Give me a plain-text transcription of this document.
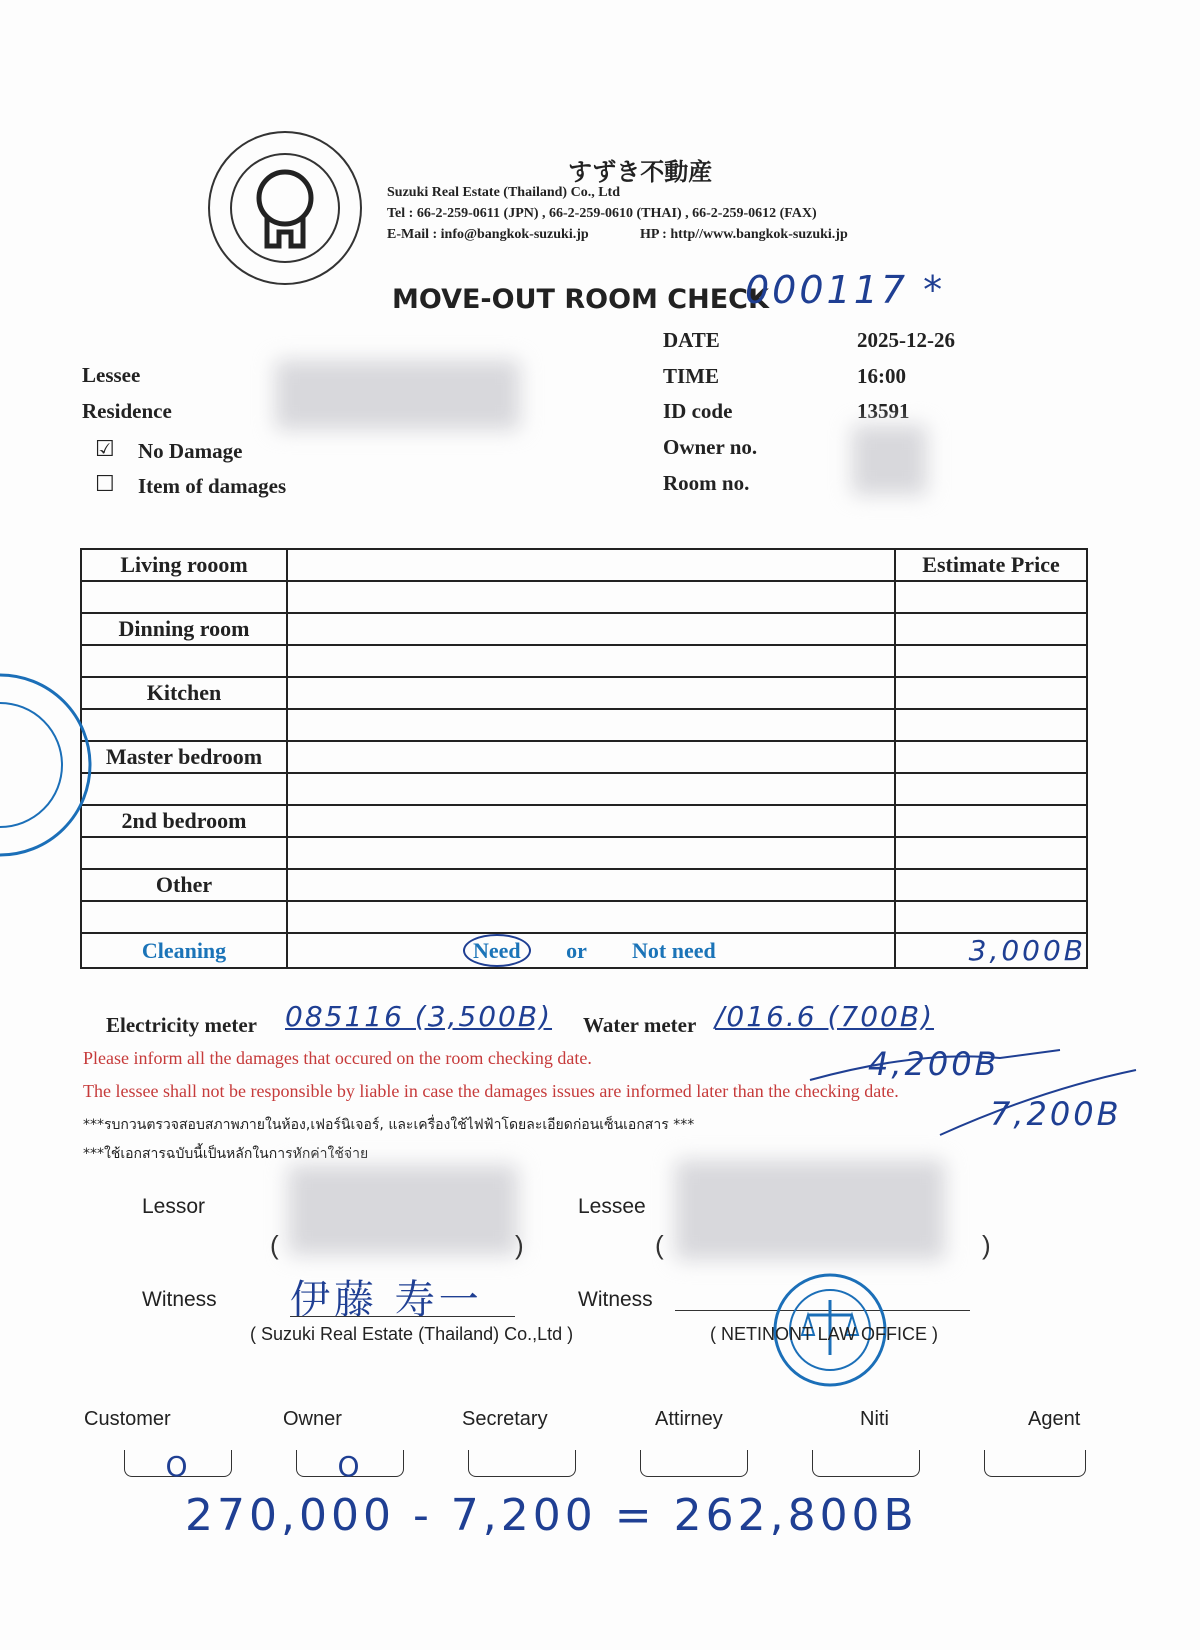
すずき不動産
Suzuki Real Estate (Thailand) Co., Ltd
Tel : 66-2-259-0611 (JPN) , 66-2-259-0610 (THAI) , 66-2-259-0612 (FAX)
E-Mail : info@bangkok-suzuki.jp	HP : http//www.bangkok-suzuki.jp
MOVE-OUT ROOM CHECK
000117 *
Lessee
Residence
DATE	2025-12-26
TIME	16:00
ID code	13591
Owner no.
Room no.
☑ No Damage
☐ Item of damages
Living rooom		Estimate Price

Dinning room		

Kitchen		

Master bedroom		

2nd bedroom		

Other		

Cleaning	Need or Not need	3,000B
Electricity meter 085116 (3,500B) Water meter /016.6 (700B)
Please inform all the damages that occured on the room checking date.
The lessee shall not be responsible by liable in case the damages issues are informed later than the checking date.
***รบกวนตรวจสอบสภาพภายในห้อง,เฟอร์นิเจอร์, และเครื่องใช้ไฟฟ้าโดยละเอียดก่อนเซ็นเอกสาร ***
***ใช้เอกสารฉบับนี้เป็นหลักในการหักค่าใช้จ่าย
4,200B
7,200B
Lessor
(	)
Lessee
(	)
Witness 伊藤 寿一
( Suzuki Real Estate (Thailand) Co.,Ltd )
Witness
( NETINONT LAW OFFICE )
Customer	Owner	Secretary	Attirney	Niti	Agent
O	O
270,000 - 7,200 = 262,800B
